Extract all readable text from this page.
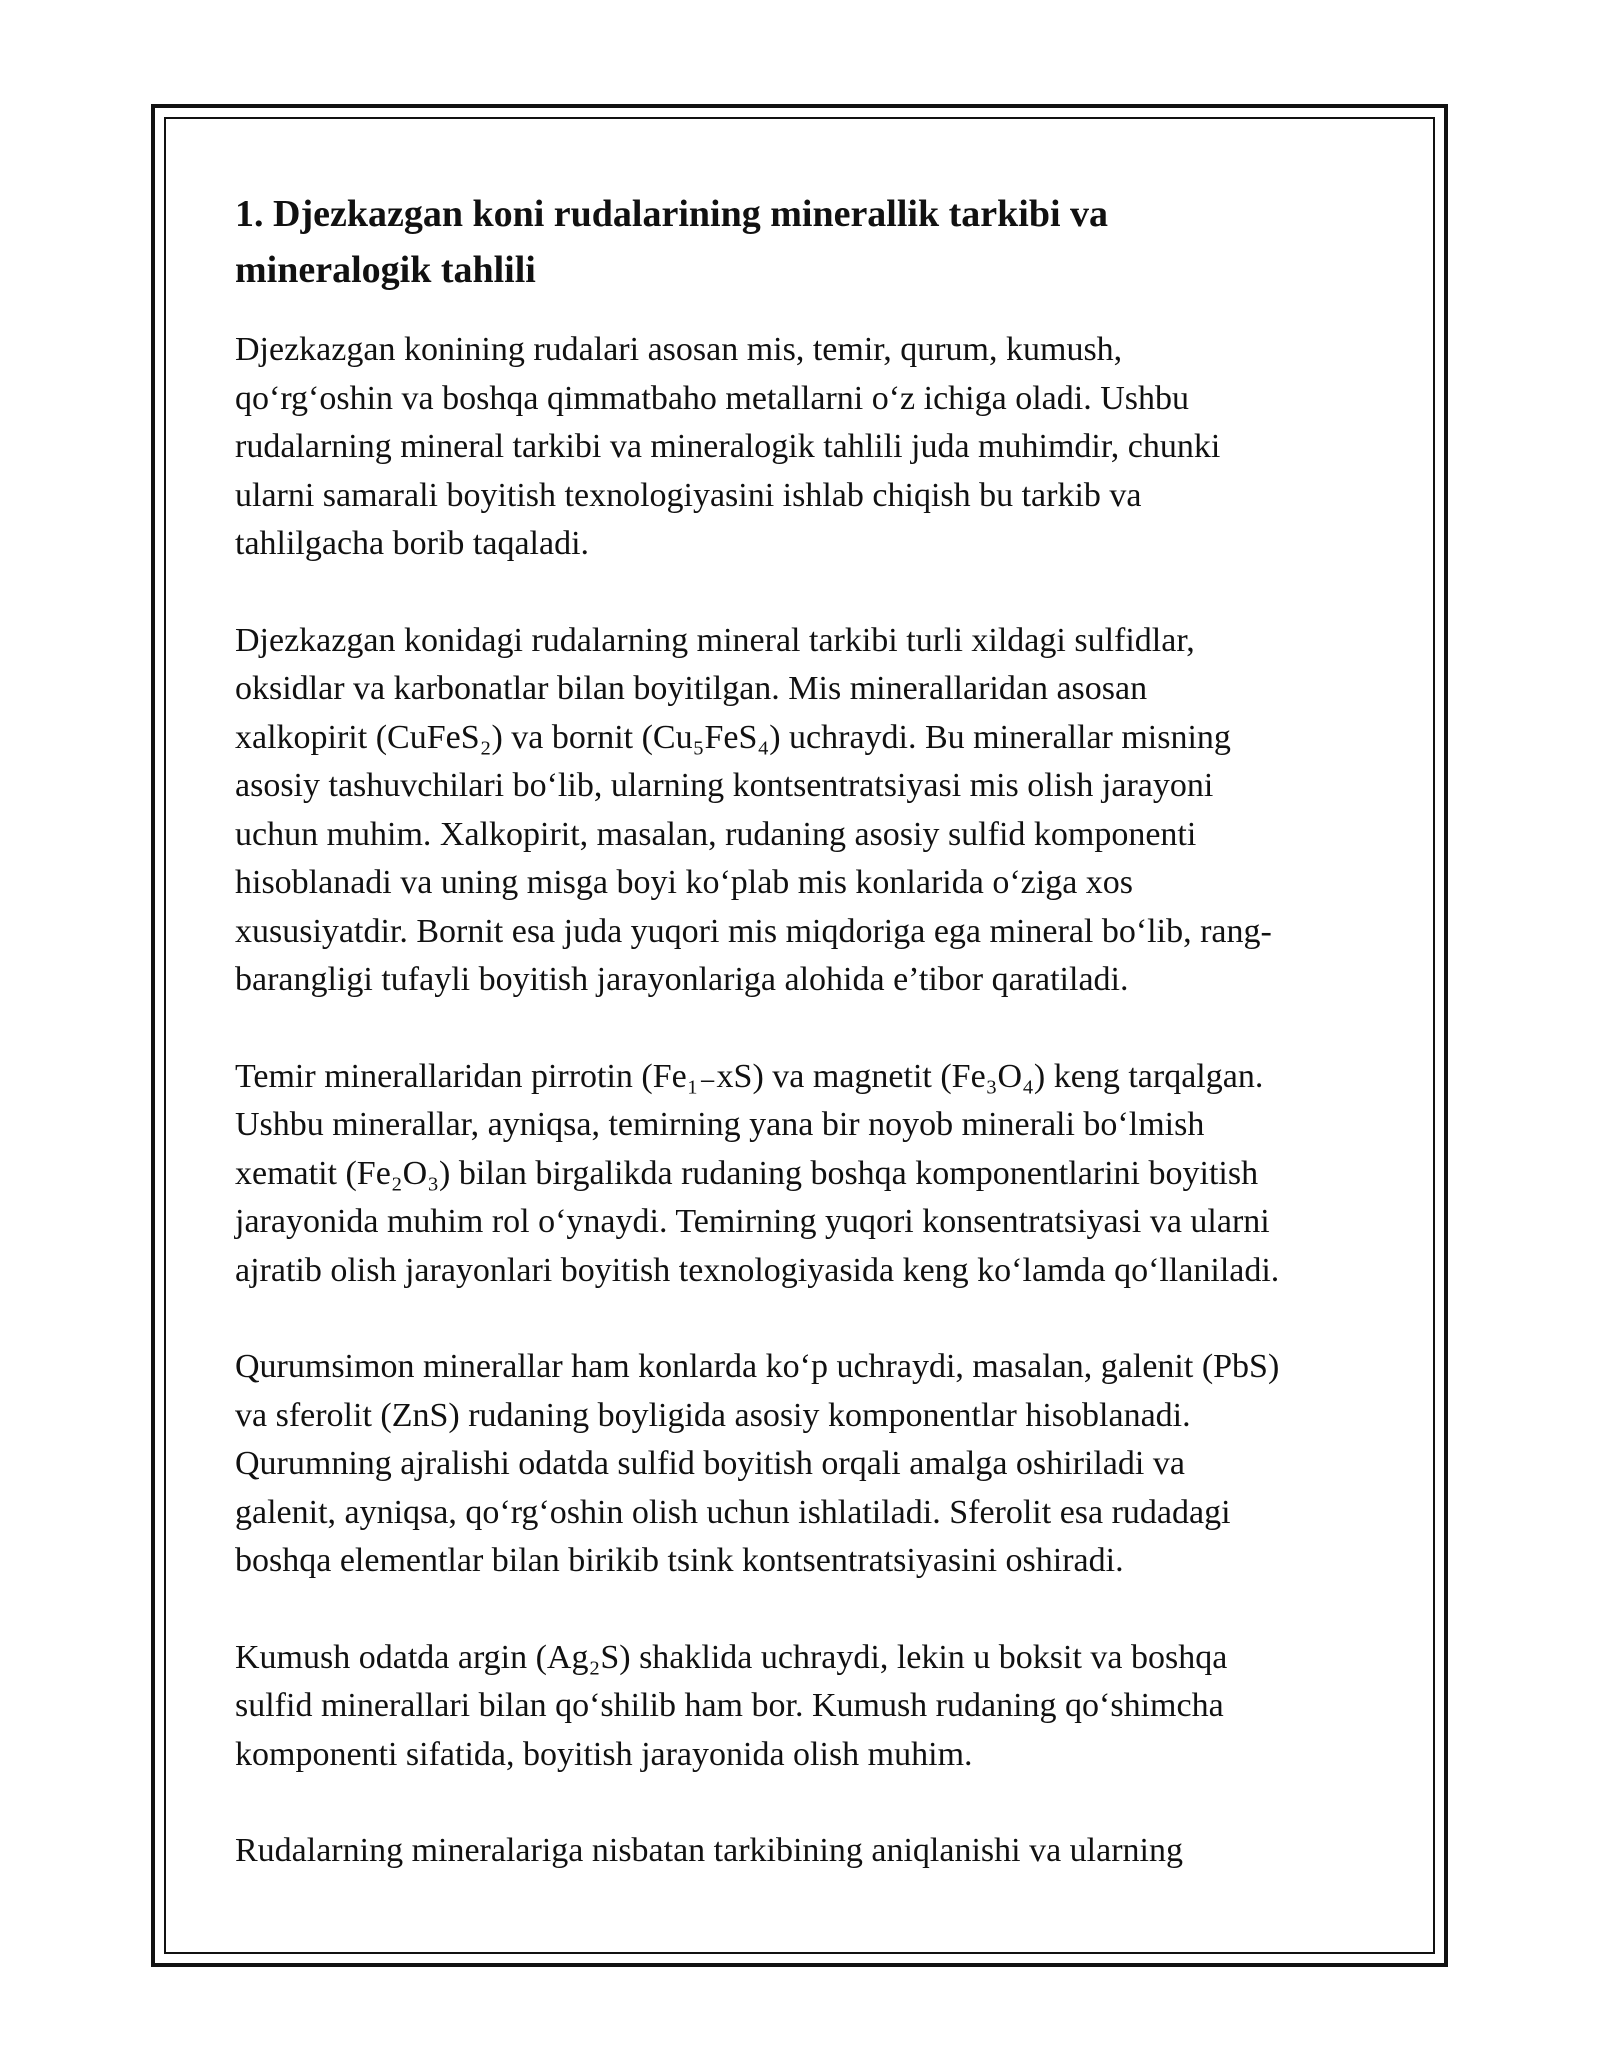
1. Djezkazgan koni rudalarining minerallik tarkibi va
mineralogik tahlili

Djezkazgan konining rudalari asosan mis, temir, qurum, kumush,
qo‘rg‘oshin va boshqa qimmatbaho metallarni o‘z ichiga oladi. Ushbu
rudalarning mineral tarkibi va mineralogik tahlili juda muhimdir, chunki
ularni samarali boyitish texnologiyasini ishlab chiqish bu tarkib va
tahlilgacha borib taqaladi.

Djezkazgan konidagi rudalarning mineral tarkibi turli xildagi sulfidlar,
oksidlar va karbonatlar bilan boyitilgan. Mis minerallaridan asosan
xalkopirit (CuFeS₂) va bornit (Cu₅FeS₄) uchraydi. Bu minerallar misning
asosiy tashuvchilari bo‘lib, ularning kontsentratsiyasi mis olish jarayoni
uchun muhim. Xalkopirit, masalan, rudaning asosiy sulfid komponenti
hisoblanadi va uning misga boyi ko‘plab mis konlarida o‘ziga xos
xususiyatdir. Bornit esa juda yuqori mis miqdoriga ega mineral bo‘lib, rang-
barangligi tufayli boyitish jarayonlariga alohida e’tibor qaratiladi.

Temir minerallaridan pirrotin (Fe₁₋xS) va magnetit (Fe₃O₄) keng tarqalgan.
Ushbu minerallar, ayniqsa, temirning yana bir noyob minerali bo‘lmish
xematit (Fe₂O₃) bilan birgalikda rudaning boshqa komponentlarini boyitish
jarayonida muhim rol o‘ynaydi. Temirning yuqori konsentratsiyasi va ularni
ajratib olish jarayonlari boyitish texnologiyasida keng ko‘lamda qo‘llaniladi.

Qurumsimon minerallar ham konlarda ko‘p uchraydi, masalan, galenit (PbS)
va sferolit (ZnS) rudaning boyligida asosiy komponentlar hisoblanadi.
Qurumning ajralishi odatda sulfid boyitish orqali amalga oshiriladi va
galenit, ayniqsa, qo‘rg‘oshin olish uchun ishlatiladi. Sferolit esa rudadagi
boshqa elementlar bilan birikib tsink kontsentratsiyasini oshiradi.

Kumush odatda argin (Ag₂S) shaklida uchraydi, lekin u boksit va boshqa
sulfid minerallari bilan qo‘shilib ham bor. Kumush rudaning qo‘shimcha
komponenti sifatida, boyitish jarayonida olish muhim.

Rudalarning mineralariga nisbatan tarkibining aniqlanishi va ularning
